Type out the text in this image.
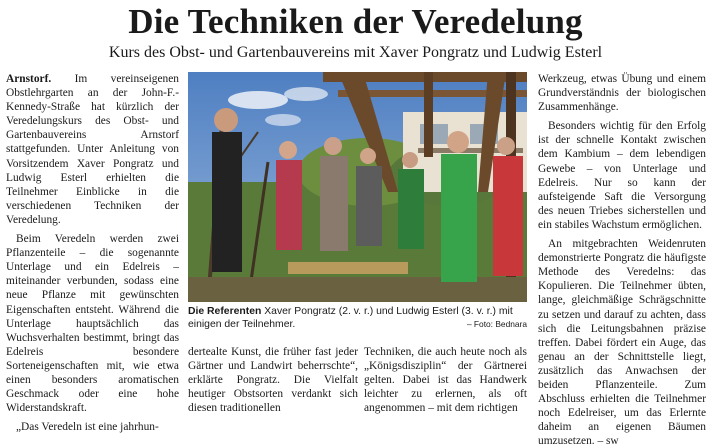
Die Techniken der Veredelung
Kurs des Obst- und Gartenbauvereins mit Xaver Pongratz und Ludwig Esterl

Arnstorf. Im vereinseigenen Obstlehrgarten an der John-F.-Kennedy-Straße hat kürzlich der Veredelungskurs des Obst- und Gartenbauvereins Arnstorf stattgefunden. Unter Anleitung von Vorsitzendem Xaver Pongratz und Ludwig Esterl erhielten die Teilnehmer Einblicke in die verschiedenen Techniken der Veredelung.

Beim Veredeln werden zwei Pflanzenteile – die sogenannte Unterlage und ein Edelreis – miteinander verbunden, sodass eine neue Pflanze mit gewünschten Eigenschaften entsteht. Während die Unterlage hauptsächlich das Wuchsverhalten bestimmt, bringt das Edelreis besondere Sorteneigenschaften mit, wie etwa einen besonders aromatischen Geschmack oder eine hohe Widerstandskraft.

„Das Veredeln ist eine jahrhun-

Die Referenten Xaver Pongratz (2. v. r.) und Ludwig Esterl (3. v. r.) mit einigen der Teilnehmer.	– Foto: Bednara

dertealte Kunst, die früher fast jeder Gärtner und Landwirt beherrschte“, erklärte Pongratz. Die Vielfalt heutiger Obstsorten verdankt sich diesen traditionellen

Techniken, die auch heute noch als „Königsdisziplin“ der Gärtnerei gelten. Dabei ist das Handwerk leichter zu erlernen, als oft angenommen – mit dem richtigen

Werkzeug, etwas Übung und einem Grundverständnis der biologischen Zusammenhänge.

Besonders wichtig für den Erfolg ist der schnelle Kontakt zwischen dem Kambium – dem lebendigen Gewebe – von Unterlage und Edelreis. Nur so kann der aufsteigende Saft die Versorgung des neuen Triebes sicherstellen und ein stabiles Wachstum ermöglichen.

An mitgebrachten Weidenruten demonstrierte Pongratz die häufigste Methode des Veredelns: das Kopulieren. Die Teilnehmer übten, lange, gleichmäßige Schrägschnitte zu setzen und darauf zu achten, dass sich die Leitungsbahnen präzise treffen. Dabei fördert ein Auge, das genau an der Schnittstelle liegt, zusätzlich das Anwachsen der beiden Pflanzenteile. Zum Abschluss erhielten die Teilnehmer noch Edelreiser, um das Erlernte daheim an eigenen Bäumen umzusetzen. – sw
